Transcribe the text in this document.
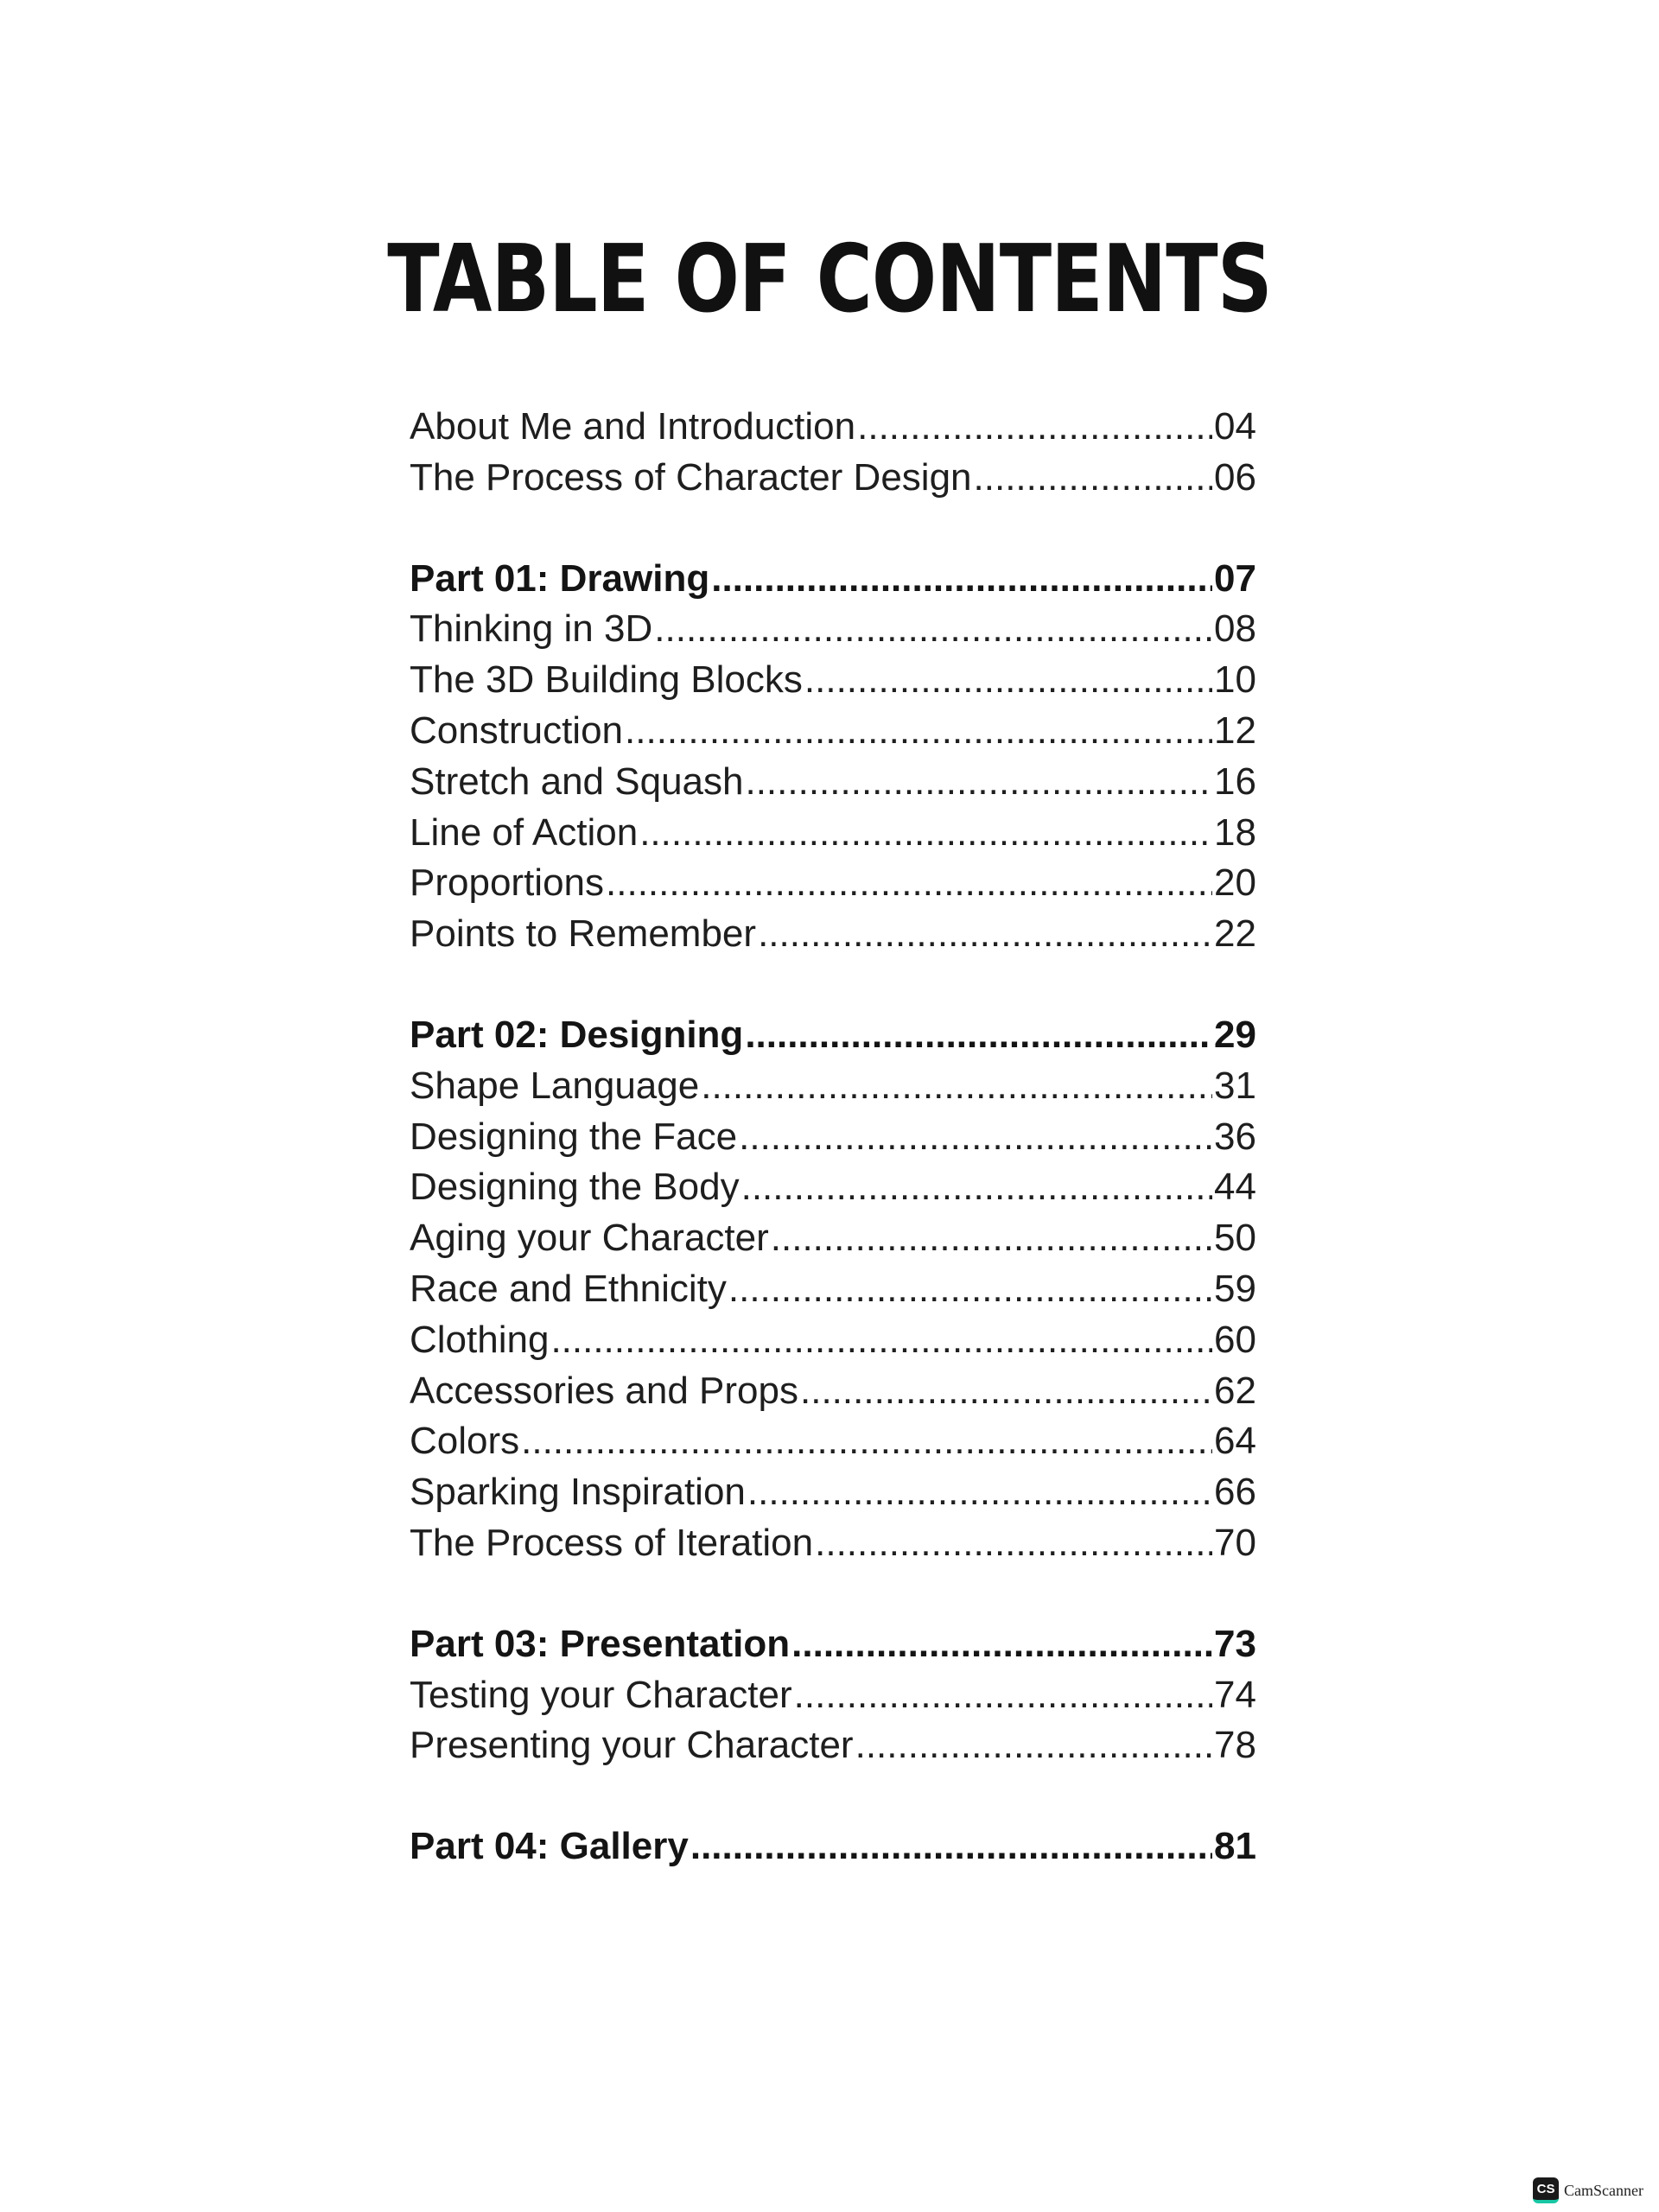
TABLE OF CONTENTS
About Me and Introduction .....	04
The Process of Character Design .....	06
Part 01: Drawing .....	07
Thinking in 3D .....	08
The 3D Building Blocks .....	10
Construction .....	12
Stretch and Squash .....	16
Line of Action .....	18
Proportions .....	20
Points to Remember .....	22
Part 02: Designing .....	29
Shape Language .....	31
Designing the Face .....	36
Designing the Body .....	44
Aging your Character .....	50
Race and Ethnicity .....	59
Clothing .....	60
Accessories and Props .....	62
Colors .....	64
Sparking Inspiration .....	66
The Process of Iteration .....	70
Part 03: Presentation .....	73
Testing your Character .....	74
Presenting your Character .....	78
Part 04: Gallery .....	81
CS CamScanner
